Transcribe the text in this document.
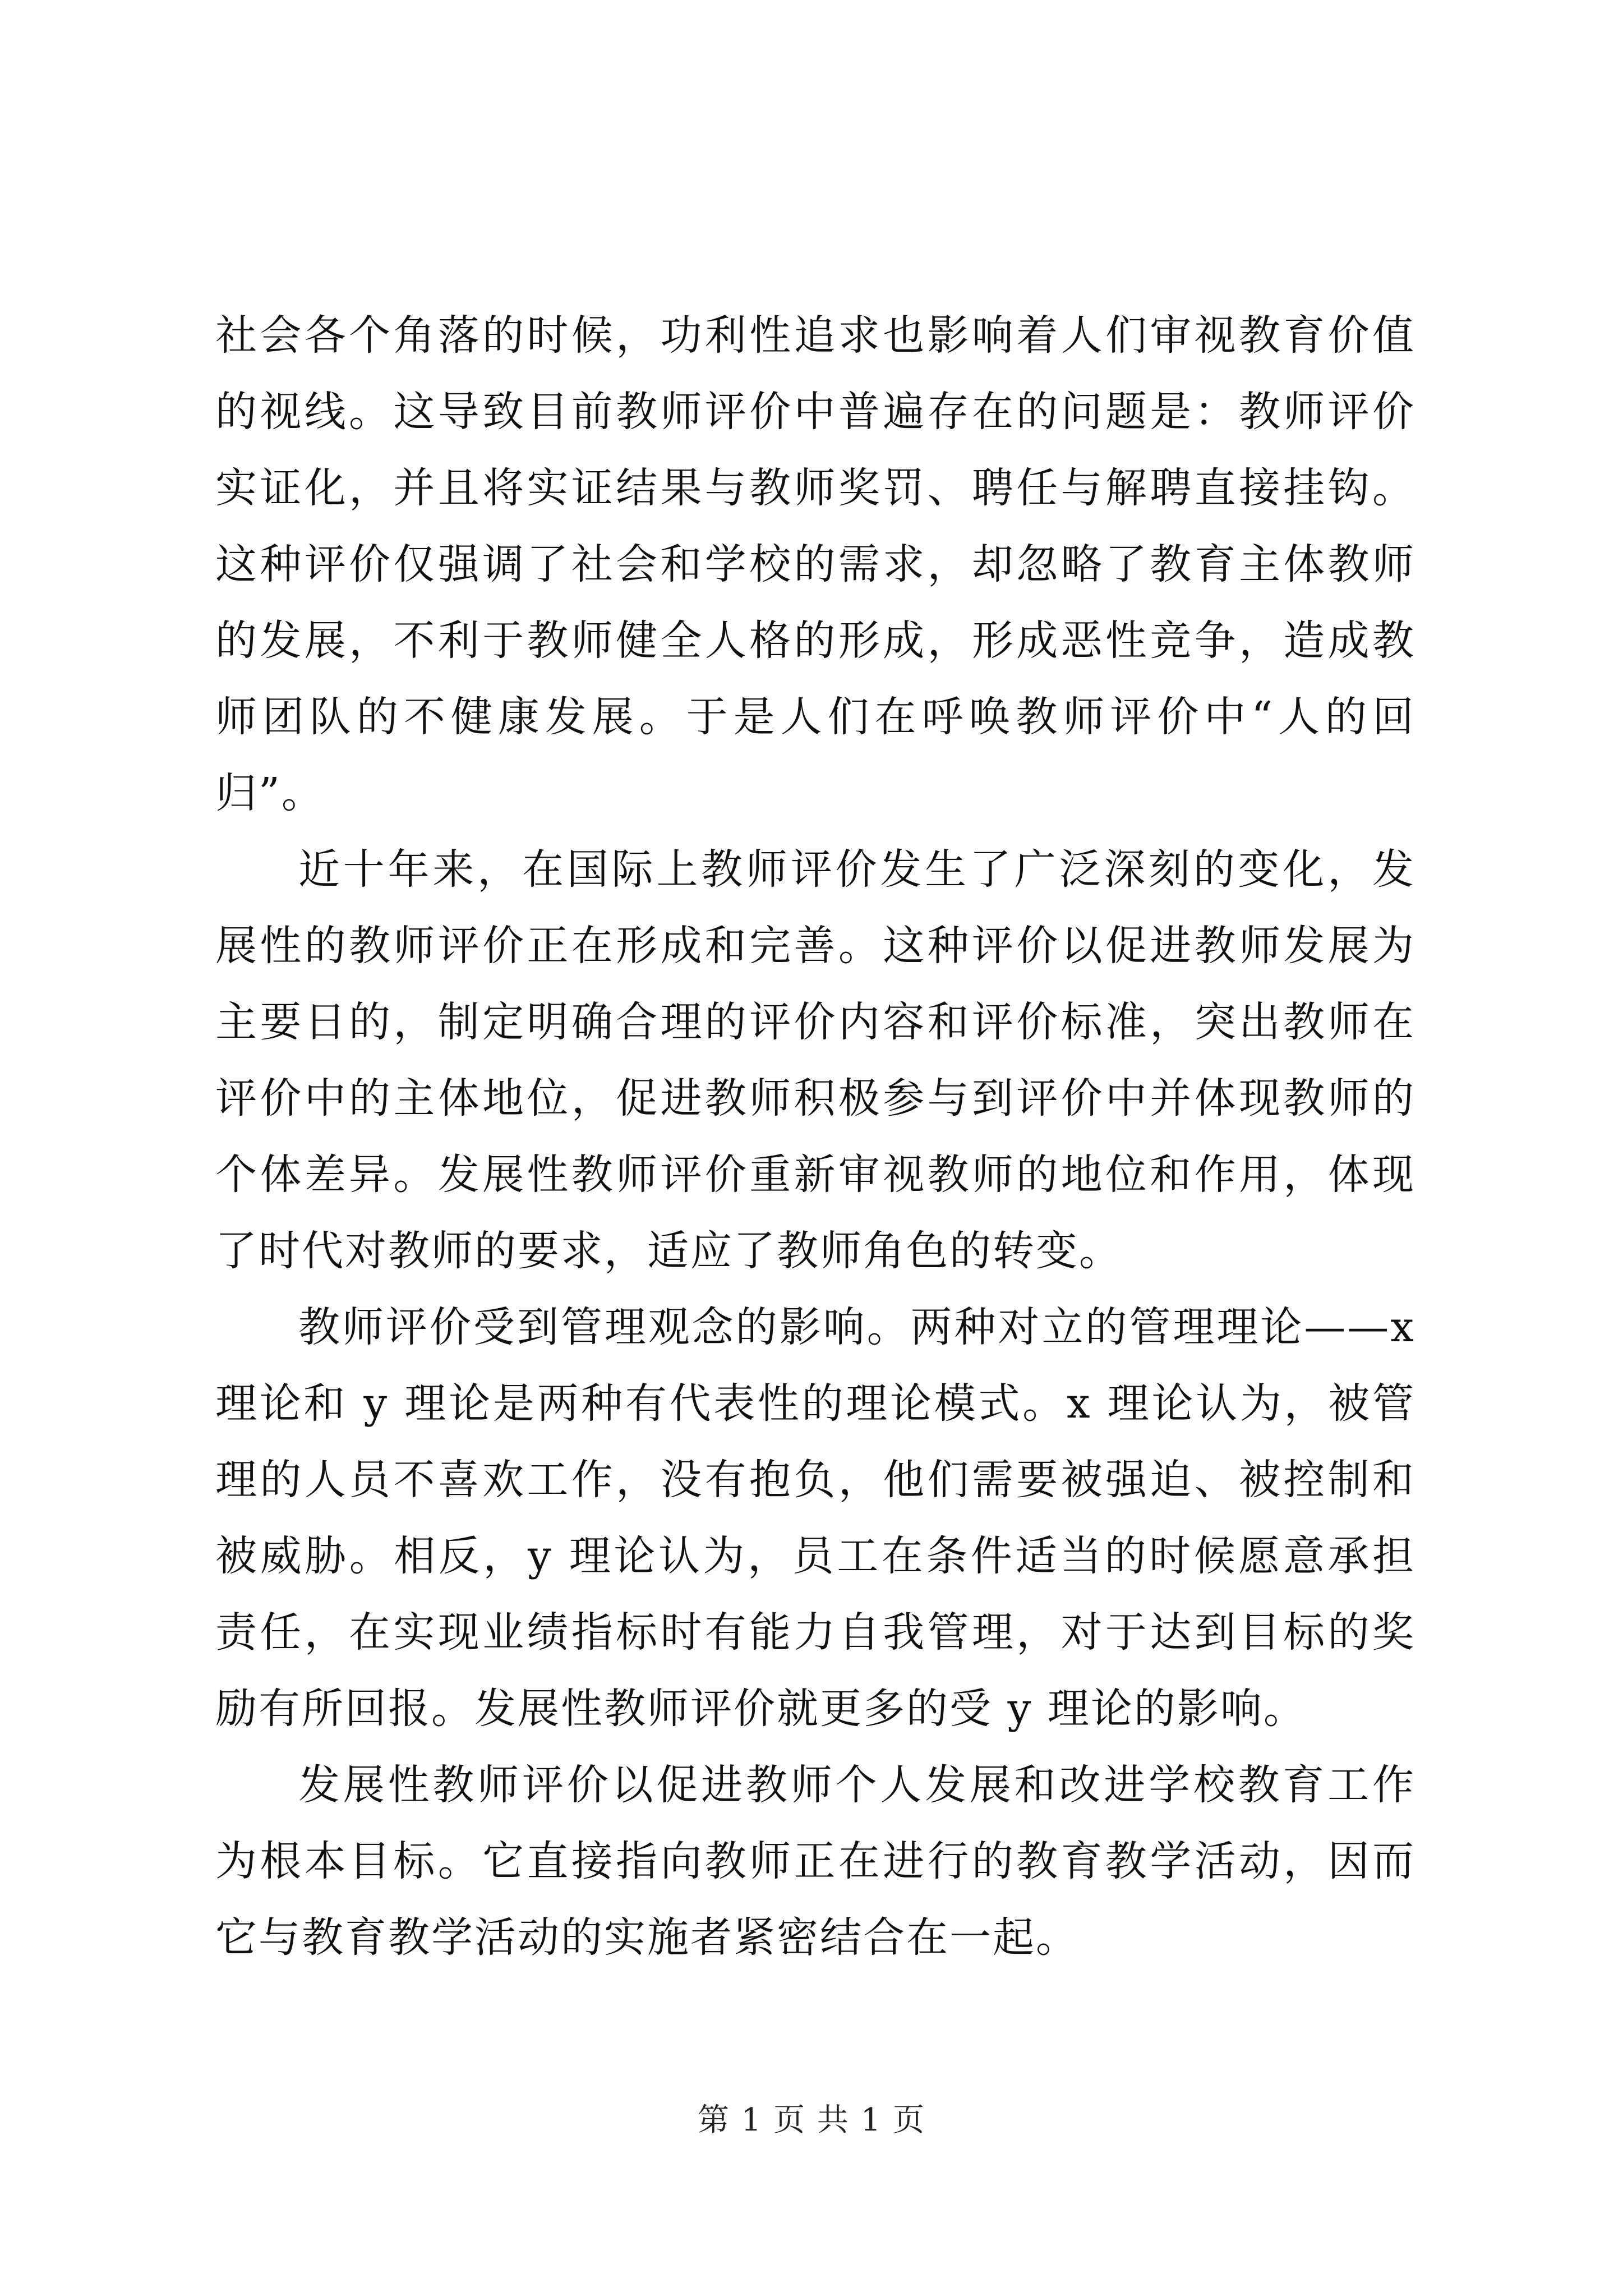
社会各个角落的时候，功利性追求也影响着人们审视教育价值的视线。这导致目前教师评价中普遍存在的问题是：教师评价实证化，并且将实证结果与教师奖罚、聘任与解聘直接挂钩。这种评价仅强调了社会和学校的需求，却忽略了教育主体教师的发展，不利于教师健全人格的形成，形成恶性竞争，造成教师团队的不健康发展。于是人们在呼唤教师评价中“人的回归”。

近十年来，在国际上教师评价发生了广泛深刻的变化，发展性的教师评价正在形成和完善。这种评价以促进教师发展为主要日的，制定明确合理的评价内容和评价标准，突出教师在评价中的主体地位，促进教师积极参与到评价中并体现教师的个体差异。发展性教师评价重新审视教师的地位和作用，体现了时代对教师的要求，适应了教师角色的转变。

教师评价受到管理观念的影响。两种对立的管理理论——x理论和 y 理论是两种有代表性的理论模式。x 理论认为，被管理的人员不喜欢工作，没有抱负，他们需要被强迫、被控制和被威胁。相反，y 理论认为，员工在条件适当的时候愿意承担责任，在实现业绩指标时有能力自我管理，对于达到目标的奖励有所回报。发展性教师评价就更多的受 y 理论的影响。

发展性教师评价以促进教师个人发展和改进学校教育工作为根本目标。它直接指向教师正在进行的教育教学活动，因而它与教育教学活动的实施者紧密结合在一起。

第 1 页 共 1 页
